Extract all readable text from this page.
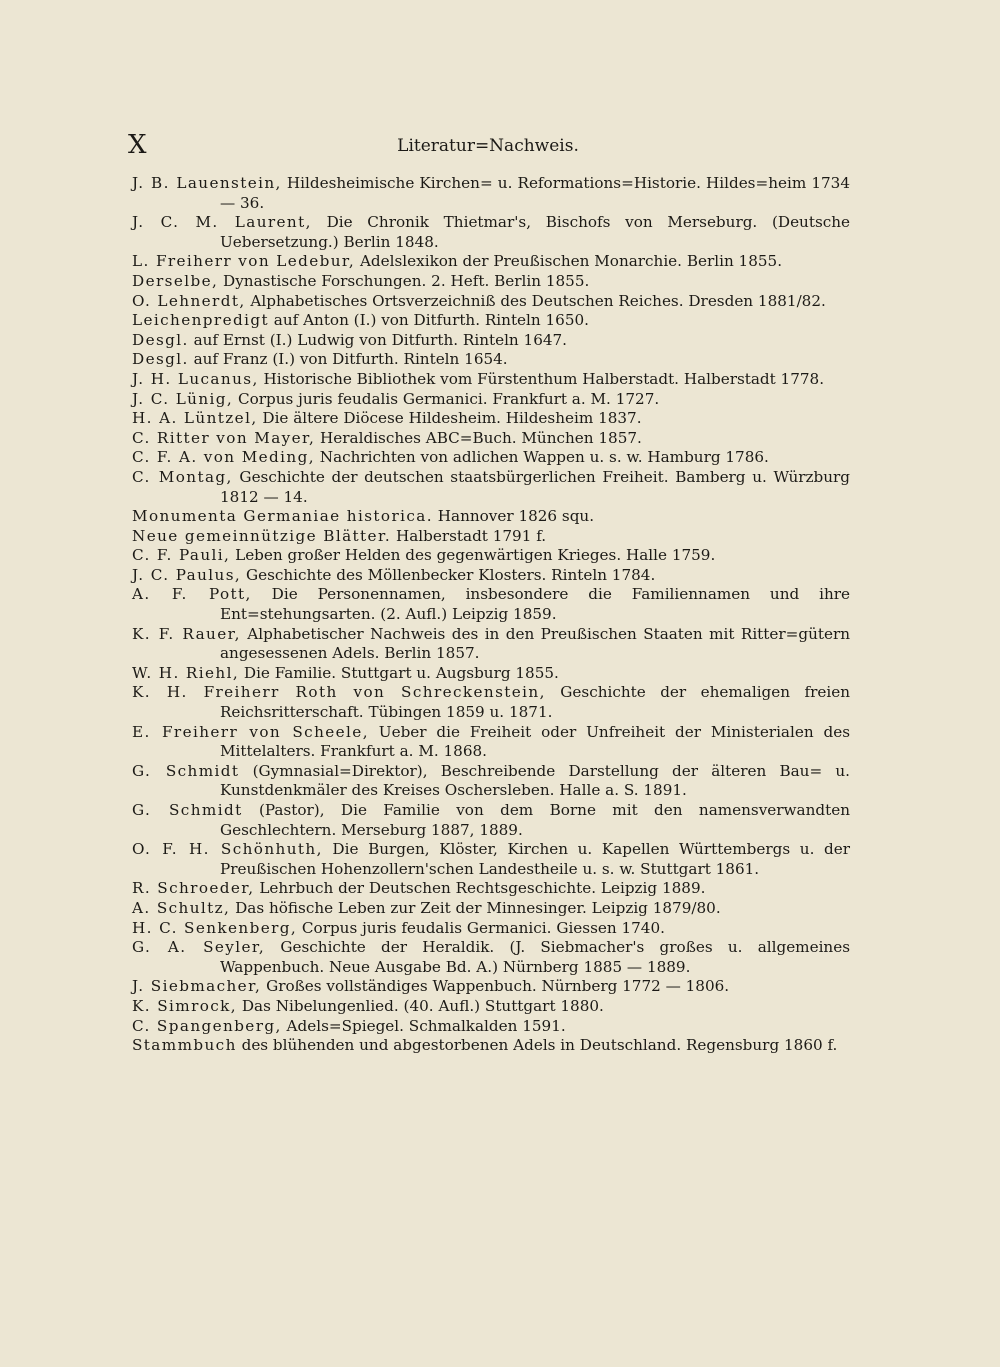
X	Literatur=Nachweis.
J. B. Lauenstein, Hildesheimische Kirchen= u. Reformations=Historie. Hildes=heim 1734 — 36.
J. C. M. Laurent, Die Chronik Thietmar's, Bischofs von Merseburg. (Deutsche Uebersetzung.) Berlin 1848.
L. Freiherr von Ledebur, Adelslexikon der Preußischen Monarchie. Berlin 1855.
Derselbe, Dynastische Forschungen. 2. Heft. Berlin 1855.
O. Lehnerdt, Alphabetisches Ortsverzeichniß des Deutschen Reiches. Dresden 1881/82.
Leichenpredigt auf Anton (I.) von Ditfurth. Rinteln 1650.
Desgl. auf Ernst (I.) Ludwig von Ditfurth. Rinteln 1647.
Desgl. auf Franz (I.) von Ditfurth. Rinteln 1654.
J. H. Lucanus, Historische Bibliothek vom Fürstenthum Halberstadt. Halberstadt 1778.
J. C. Lünig, Corpus juris feudalis Germanici. Frankfurt a. M. 1727.
H. A. Lüntzel, Die ältere Diöcese Hildesheim. Hildesheim 1837.
C. Ritter von Mayer, Heraldisches ABC=Buch. München 1857.
C. F. A. von Meding, Nachrichten von adlichen Wappen u. s. w. Hamburg 1786.
C. Montag, Geschichte der deutschen staatsbürgerlichen Freiheit. Bamberg u. Würzburg 1812 — 14.
Monumenta Germaniae historica. Hannover 1826 squ.
Neue gemeinnützige Blätter. Halberstadt 1791 f.
C. F. Pauli, Leben großer Helden des gegenwärtigen Krieges. Halle 1759.
J. C. Paulus, Geschichte des Möllenbecker Klosters. Rinteln 1784.
A. F. Pott, Die Personennamen, insbesondere die Familiennamen und ihre Ent=stehungsarten. (2. Aufl.) Leipzig 1859.
K. F. Rauer, Alphabetischer Nachweis des in den Preußischen Staaten mit Ritter=gütern angesessenen Adels. Berlin 1857.
W. H. Riehl, Die Familie. Stuttgart u. Augsburg 1855.
K. H. Freiherr Roth von Schreckenstein, Geschichte der ehemaligen freien Reichsritterschaft. Tübingen 1859 u. 1871.
E. Freiherr von Scheele, Ueber die Freiheit oder Unfreiheit der Ministerialen des Mittelalters. Frankfurt a. M. 1868.
G. Schmidt (Gymnasial=Direktor), Beschreibende Darstellung der älteren Bau= u. Kunstdenkmäler des Kreises Oschersleben. Halle a. S. 1891.
G. Schmidt (Pastor), Die Familie von dem Borne mit den namensverwandten Geschlechtern. Merseburg 1887, 1889.
O. F. H. Schönhuth, Die Burgen, Klöster, Kirchen u. Kapellen Württembergs u. der Preußischen Hohenzollern'schen Landestheile u. s. w. Stuttgart 1861.
R. Schroeder, Lehrbuch der Deutschen Rechtsgeschichte. Leipzig 1889.
A. Schultz, Das höfische Leben zur Zeit der Minnesinger. Leipzig 1879/80.
H. C. Senkenberg, Corpus juris feudalis Germanici. Giessen 1740.
G. A. Seyler, Geschichte der Heraldik. (J. Siebmacher's großes u. allgemeines Wappenbuch. Neue Ausgabe Bd. A.) Nürnberg 1885 — 1889.
J. Siebmacher, Großes vollständiges Wappenbuch. Nürnberg 1772 — 1806.
K. Simrock, Das Nibelungenlied. (40. Aufl.) Stuttgart 1880.
C. Spangenberg, Adels=Spiegel. Schmalkalden 1591.
Stammbuch des blühenden und abgestorbenen Adels in Deutschland. Regensburg 1860 f.
